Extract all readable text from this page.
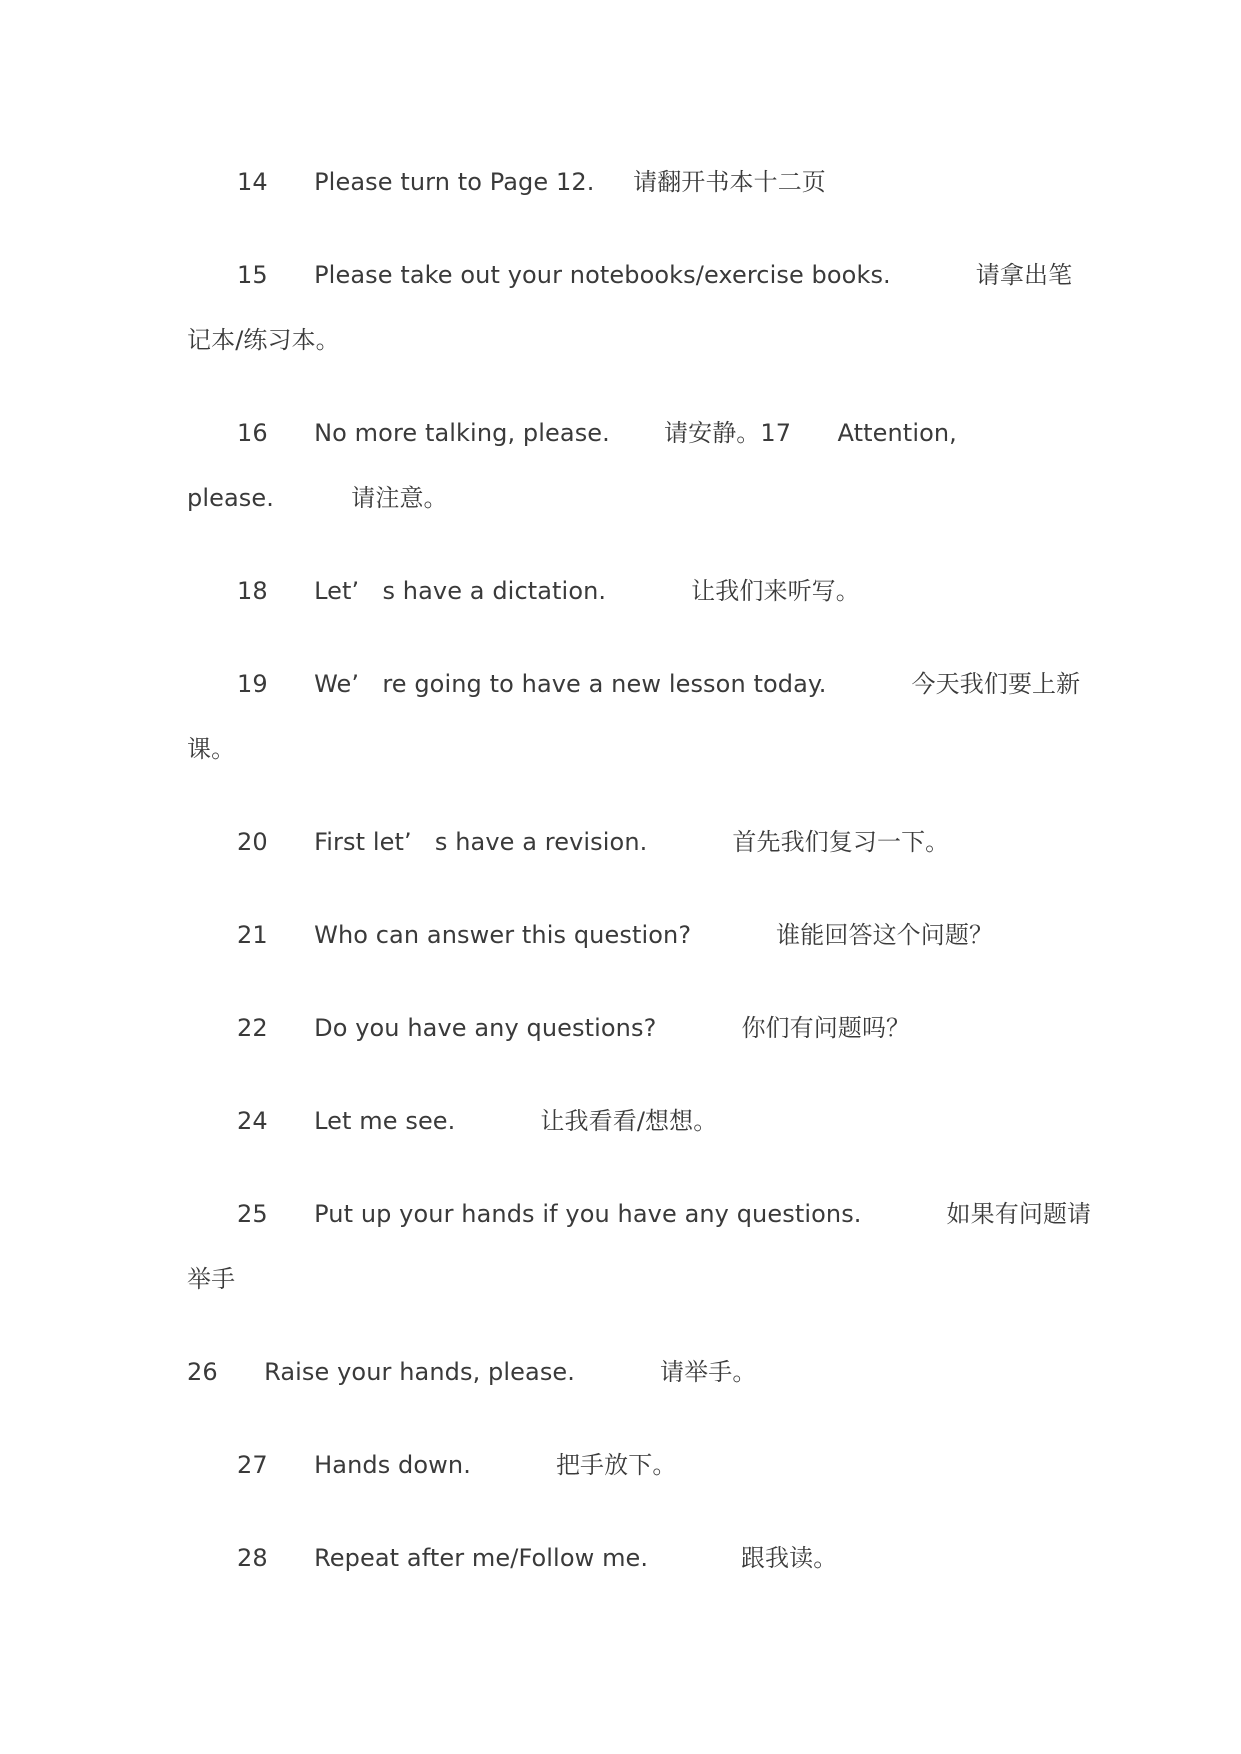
14      Please turn to Page 12.     请翻开书本十二页
15      Please take out your notebooks/exercise books.           请拿出笔
记本/练习本。
16      No more talking, please.       请安静。17      Attention,
please.          请注意。
18      Let’   s have a dictation.           让我们来听写。
19      We’   re going to have a new lesson today.           今天我们要上新
课。
20      First let’   s have a revision.           首先我们复习一下。
21      Who can answer this question?           谁能回答这个问题？
22      Do you have any questions?           你们有问题吗？
24      Let me see.           让我看看/想想。
25      Put up your hands if you have any questions.           如果有问题请
举手
26      Raise your hands, please.           请举手。
27      Hands down.           把手放下。
28      Repeat after me/Follow me.            跟我读。
